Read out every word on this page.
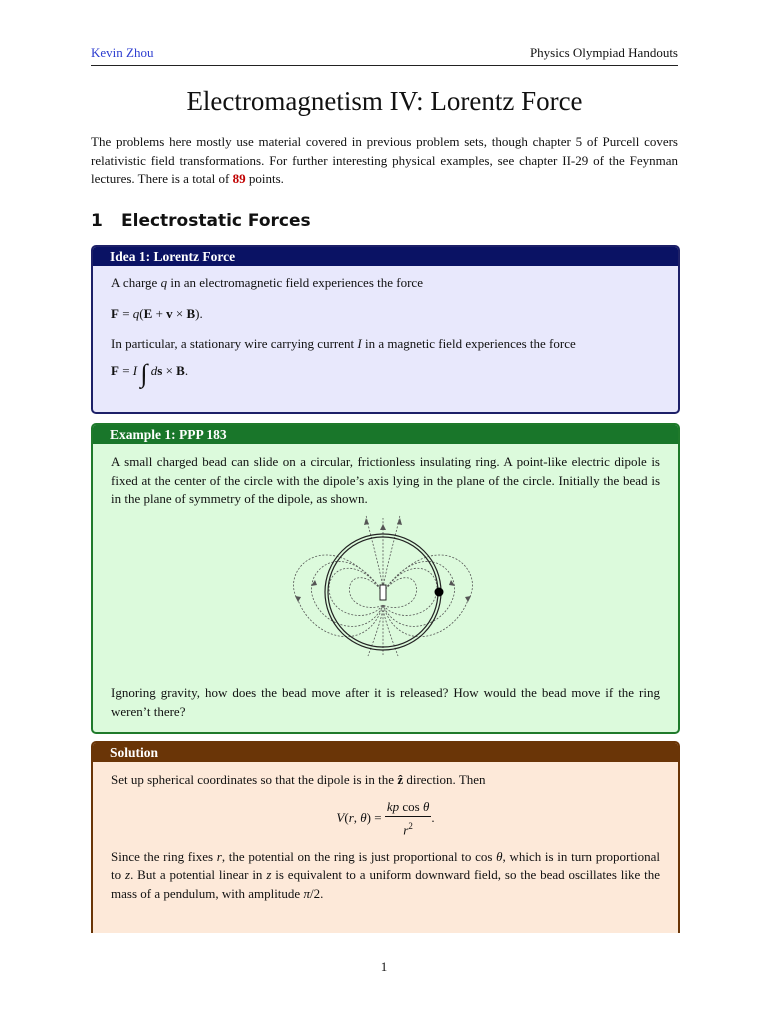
Kevin Zhou	Physics Olympiad Handouts
Electromagnetism IV: Lorentz Force

The problems here mostly use material covered in previous problem sets, though chapter 5 of Purcell covers relativistic field transformations. For further interesting physical examples, see chapter II-29 of the Feynman lectures. There is a total of 89 points.

1 Electrostatic Forces
Idea 1: Lorentz Force

A charge q in an electromagnetic field experiences the force

F = q(E + v × B).

In particular, a stationary wire carrying current I in a magnetic field experiences the force

F = I ∫ ds × B.

Example 1: PPP 183

A small charged bead can slide on a circular, frictionless insulating ring. A point-like electric dipole is fixed at the center of the circle with the dipole’s axis lying in the plane of the circle. Initially the bead is in the plane of symmetry of the dipole, as shown.

Ignoring gravity, how does the bead move after it is released? How would the bead move if the ring weren’t there?

Solution

Set up spherical coordinates so that the dipole is in the ẑ direction. Then

V(r, $\theta) = \frac{\text{kp cos θ}}{r^2}$ .

Since the ring fixes r, the potential on the ring is just proportional to cos θ, which is in turn proportional to z. But a potential linear in z is equivalent to a uniform downward field, so the bead oscillates like the mass of a pendulum, with amplitude π/2.

1
